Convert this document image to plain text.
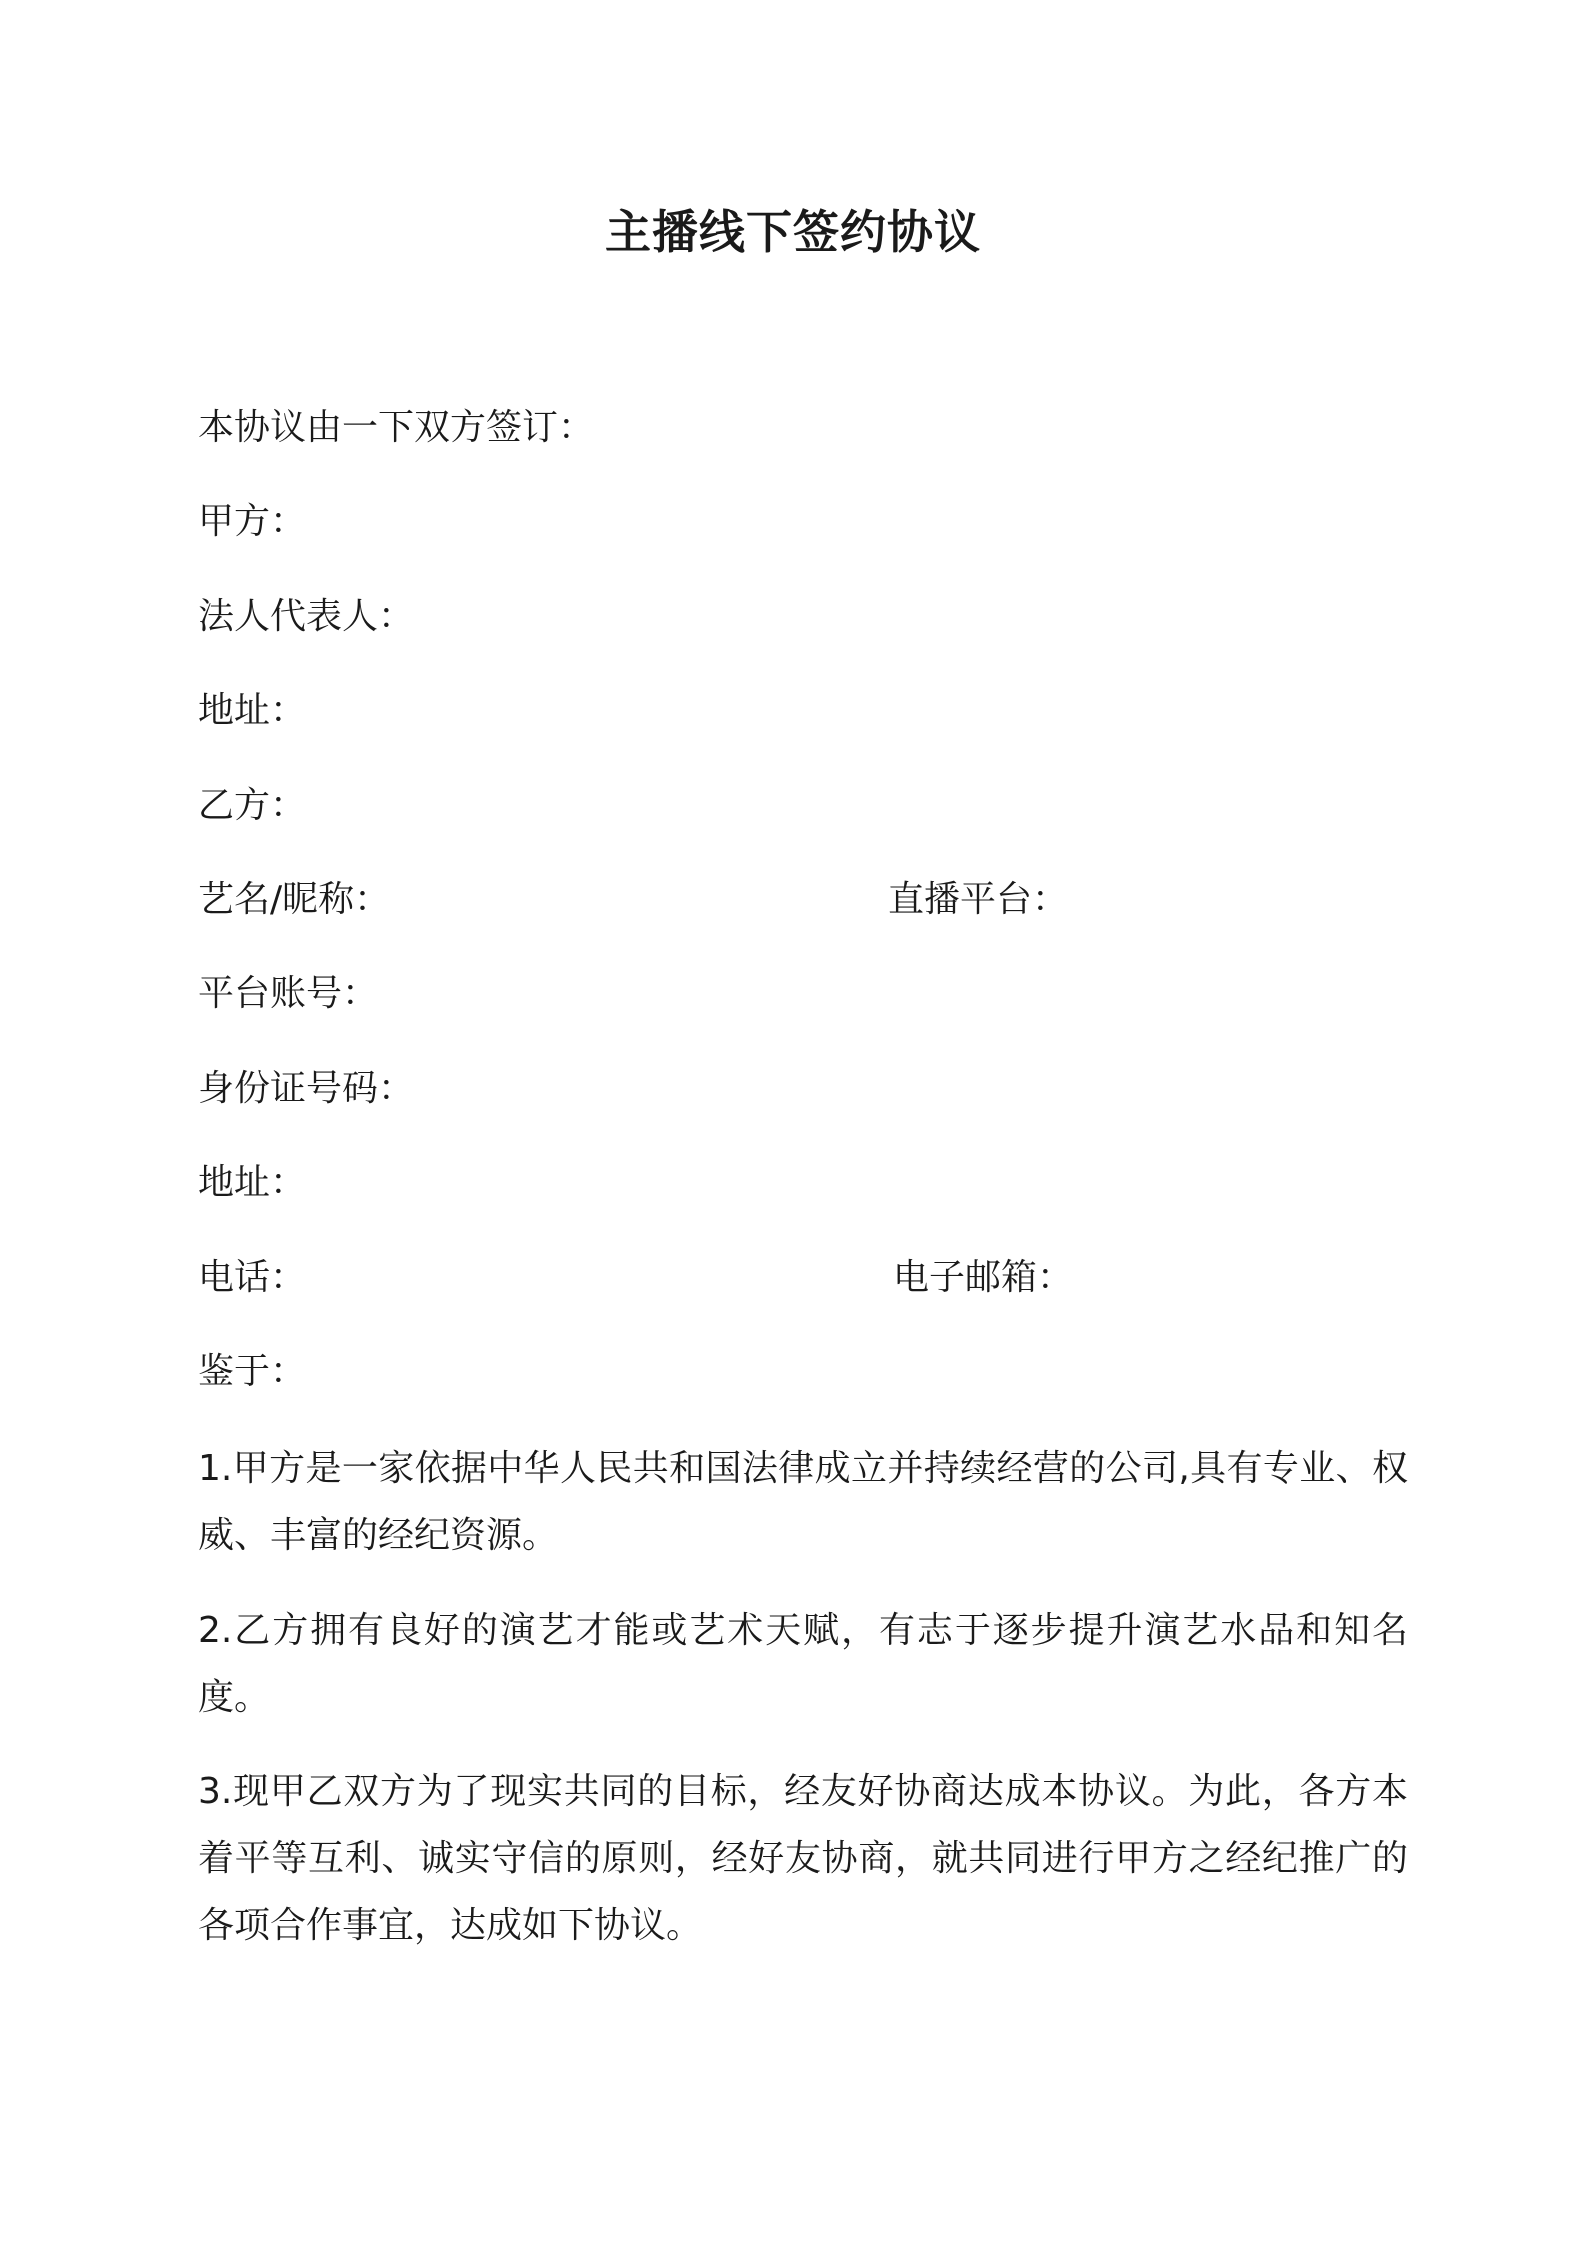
主播线下签约协议
本协议由一下双方签订：
甲方：
法人代表人：
地址：
乙方：
艺名/昵称：	直播平台：
平台账号：
身份证号码：
地址：
电话：	电子邮箱：
鉴于：
1.甲方是一家依据中华人民共和国法律成立并持续经营的公司,具有专业、权威、丰富的经纪资源。
2.乙方拥有良好的演艺才能或艺术天赋，有志于逐步提升演艺水品和知名度。
3.现甲乙双方为了现实共同的目标，经友好协商达成本协议。为此，各方本着平等互利、诚实守信的原则，经好友协商，就共同进行甲方之经纪推广的各项合作事宜，达成如下协议。
